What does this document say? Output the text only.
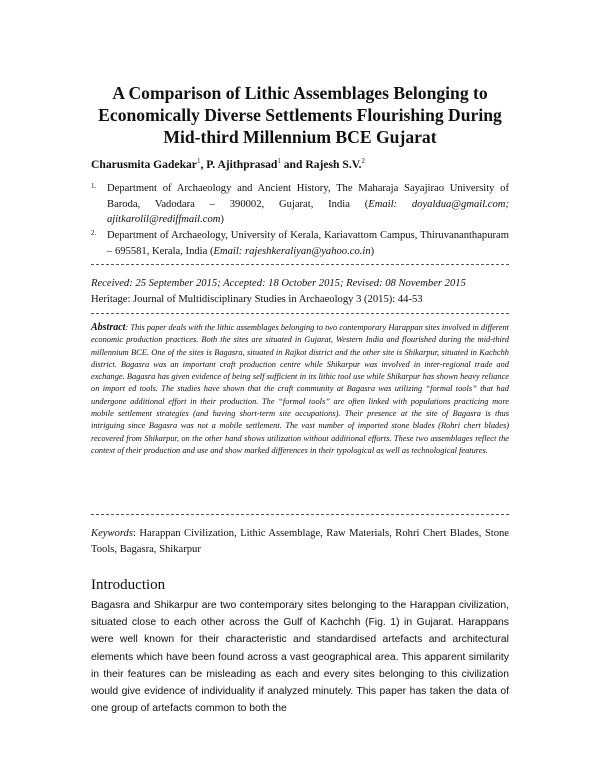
A Comparison of Lithic Assemblages Belonging to Economically Diverse Settlements Flourishing During Mid-third Millennium BCE Gujarat
Charusmita Gadekar$^1$, P. Ajithprasad$^1$ and Rajesh S.V.$^2$
1. Department of Archaeology and Ancient History, The Maharaja Sayajirao University of Baroda, Vadodara – 390002, Gujarat, India (Email: doyaldua@gmail.com; ajitkarolil@rediffmail.com)
2. Department of Archaeology, University of Kerala, Kariavattom Campus, Thiruvananthapuram – 695581, Kerala, India (Email: rajeshkeraliyan@yahoo.co.in)
Received: 25 September 2015; Accepted: 18 October 2015; Revised: 08 November 2015
Heritage: Journal of Multidisciplinary Studies in Archaeology 3 (2015): 44-53
Abstract: This paper deals with the lithic assemblages belonging to two contemporary Harappan sites involved in different economic production practices. Both the sites are situated in Gujarat, Western India and flourished during the mid-third millennium BCE. One of the sites is Bagasra, situated in Rajkot district and the other site is Shikarpur, situated in Kachchh district. Bagasra was an important craft production centre while Shikarpur was involved in inter-regional trade and exchange. Bagasra has given evidence of being self sufficient in its lithic tool use while Shikarpur has shown heavy reliance on import ed tools. The studies have shown that the craft community at Bagasra was utilizing “formal tools” that had undergone additional effort in their production. The “formal tools” are often linked with populations practicing more mobile settlement strategies (and having short-term site occupations). Their presence at the site of Bagasra is thus intriguing since Bagasra was not a mobile settlement. The vast number of imported stone blades (Rohri chert blades) recovered from Shikarpur, on the other hand shows utilization without additional efforts. These two assemblages reflect the context of their production and use and show marked differences in their typological as well as technological features.
Keywords: Harappan Civilization, Lithic Assemblage, Raw Materials, Rohri Chert Blades, Stone Tools, Bagasra, Shikarpur
Introduction
Bagasra and Shikarpur are two contemporary sites belonging to the Harappan civilization, situated close to each other across the Gulf of Kachchh (Fig. 1) in Gujarat. Harappans were well known for their characteristic and standardised artefacts and architectural elements which have been found across a vast geographical area. This apparent similarity in their features can be misleading as each and every sites belonging to this civilization would give evidence of individuality if analyzed minutely. This paper has taken the data of one group of artefacts common to both the
